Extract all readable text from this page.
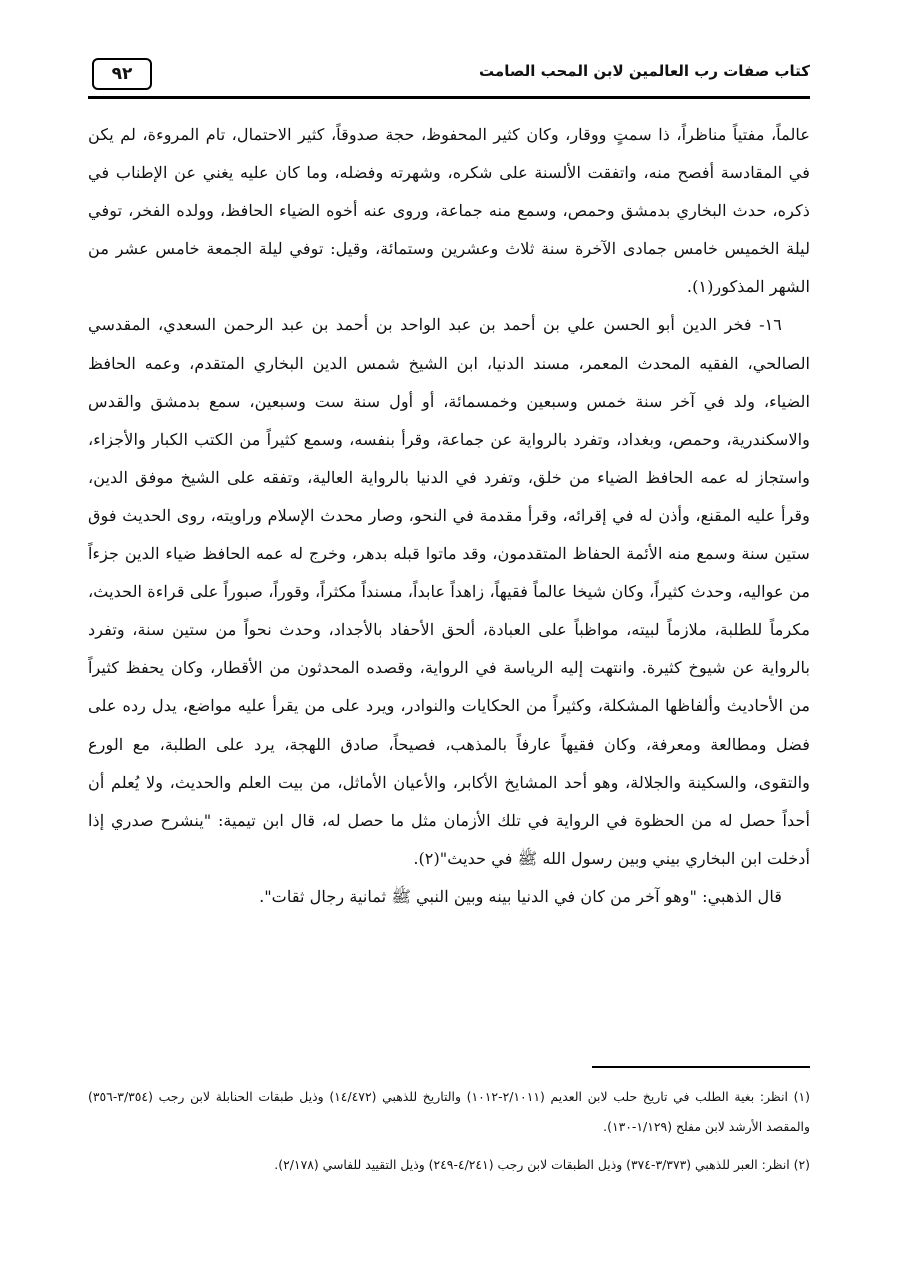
٩٢	كتاب صفات رب العالمين لابن المحب الصامت

عالماً، مفتياً مناظراً، ذا سمتٍ ووقار، وكان كثير المحفوظ، حجة صدوقاً، كثير الاحتمال، تام المروءة، لم يكن في المقادسة أفصح منه، واتفقت الألسنة على شكره، وشهرته وفضله، وما كان عليه يغني عن الإطناب في ذكره، حدث البخاري بدمشق وحمص، وسمع منه جماعة، وروى عنه أخوه الضياء الحافظ، وولده الفخر، توفي ليلة الخميس خامس جمادى الآخرة سنة ثلاث وعشرين وستمائة، وقيل: توفي ليلة الجمعة خامس عشر من الشهر المذكور(١).

١٦- فخر الدين أبو الحسن علي بن أحمد بن عبد الواحد بن أحمد بن عبد الرحمن السعدي، المقدسي الصالحي، الفقيه المحدث المعمر، مسند الدنيا، ابن الشيخ شمس الدين البخاري المتقدم، وعمه الحافظ الضياء، ولد في آخر سنة خمس وسبعين وخمسمائة، أو أول سنة ست وسبعين، سمع بدمشق والقدس والاسكندرية، وحمص، وبغداد، وتفرد بالرواية عن جماعة، وقرأ بنفسه، وسمع كثيراً من الكتب الكبار والأجزاء، واستجاز له عمه الحافظ الضياء من خلق، وتفرد في الدنيا بالرواية العالية، وتفقه على الشيخ موفق الدين، وقرأ عليه المقنع، وأذن له في إقرائه، وقرأ مقدمة في النحو، وصار محدث الإسلام وراويته، روى الحديث فوق ستين سنة وسمع منه الأئمة الحفاظ المتقدمون، وقد ماتوا قبله بدهر، وخرج له عمه الحافظ ضياء الدين جزءاً من عواليه، وحدث كثيراً، وكان شيخا عالماً فقيهاً، زاهداً عابداً، مسنداً مكثراً، وقوراً، صبوراً على قراءة الحديث، مكرماً للطلبة، ملازماً لبيته، مواظباً على العبادة، ألحق الأحفاد بالأجداد، وحدث نحواً من ستين سنة، وتفرد بالرواية عن شيوخ كثيرة. وانتهت إليه الرياسة في الرواية، وقصده المحدثون من الأقطار، وكان يحفظ كثيراً من الأحاديث وألفاظها المشكلة، وكثيراً من الحكايات والنوادر، ويرد على من يقرأ عليه مواضع، يدل رده على فضل ومطالعة ومعرفة، وكان فقيهاً عارفاً بالمذهب، فصيحاً، صادق اللهجة، يرد على الطلبة، مع الورع والتقوى، والسكينة والجلالة، وهو أحد المشايخ الأكابر، والأعيان الأماثل، من بيت العلم والحديث، ولا يُعلم أن أحداً حصل له من الحظوة في الرواية في تلك الأزمان مثل ما حصل له، قال ابن تيمية: "ينشرح صدري إذا أدخلت ابن البخاري بيني وبين رسول الله ﷺ في حديث"(٢).

قال الذهبي: "وهو آخر من كان في الدنيا بينه وبين النبي ﷺ ثمانية رجال ثقات".

(١) انظر: بغية الطلب في تاريخ حلب لابن العديم (٢/١٠١١-١٠١٢) والتاريخ للذهبي (١٤/٤٧٢) وذيل طبقات الحنابلة لابن رجب (٣/٣٥٤-٣٥٦) والمقصد الأرشد لابن مفلح (١/١٢٩-١٣٠).

(٢) انظر: العبر للذهبي (٣/٣٧٣-٣٧٤) وذيل الطبقات لابن رجب (٤/٢٤١-٢٤٩) وذيل التقييد للفاسي (٢/١٧٨).
